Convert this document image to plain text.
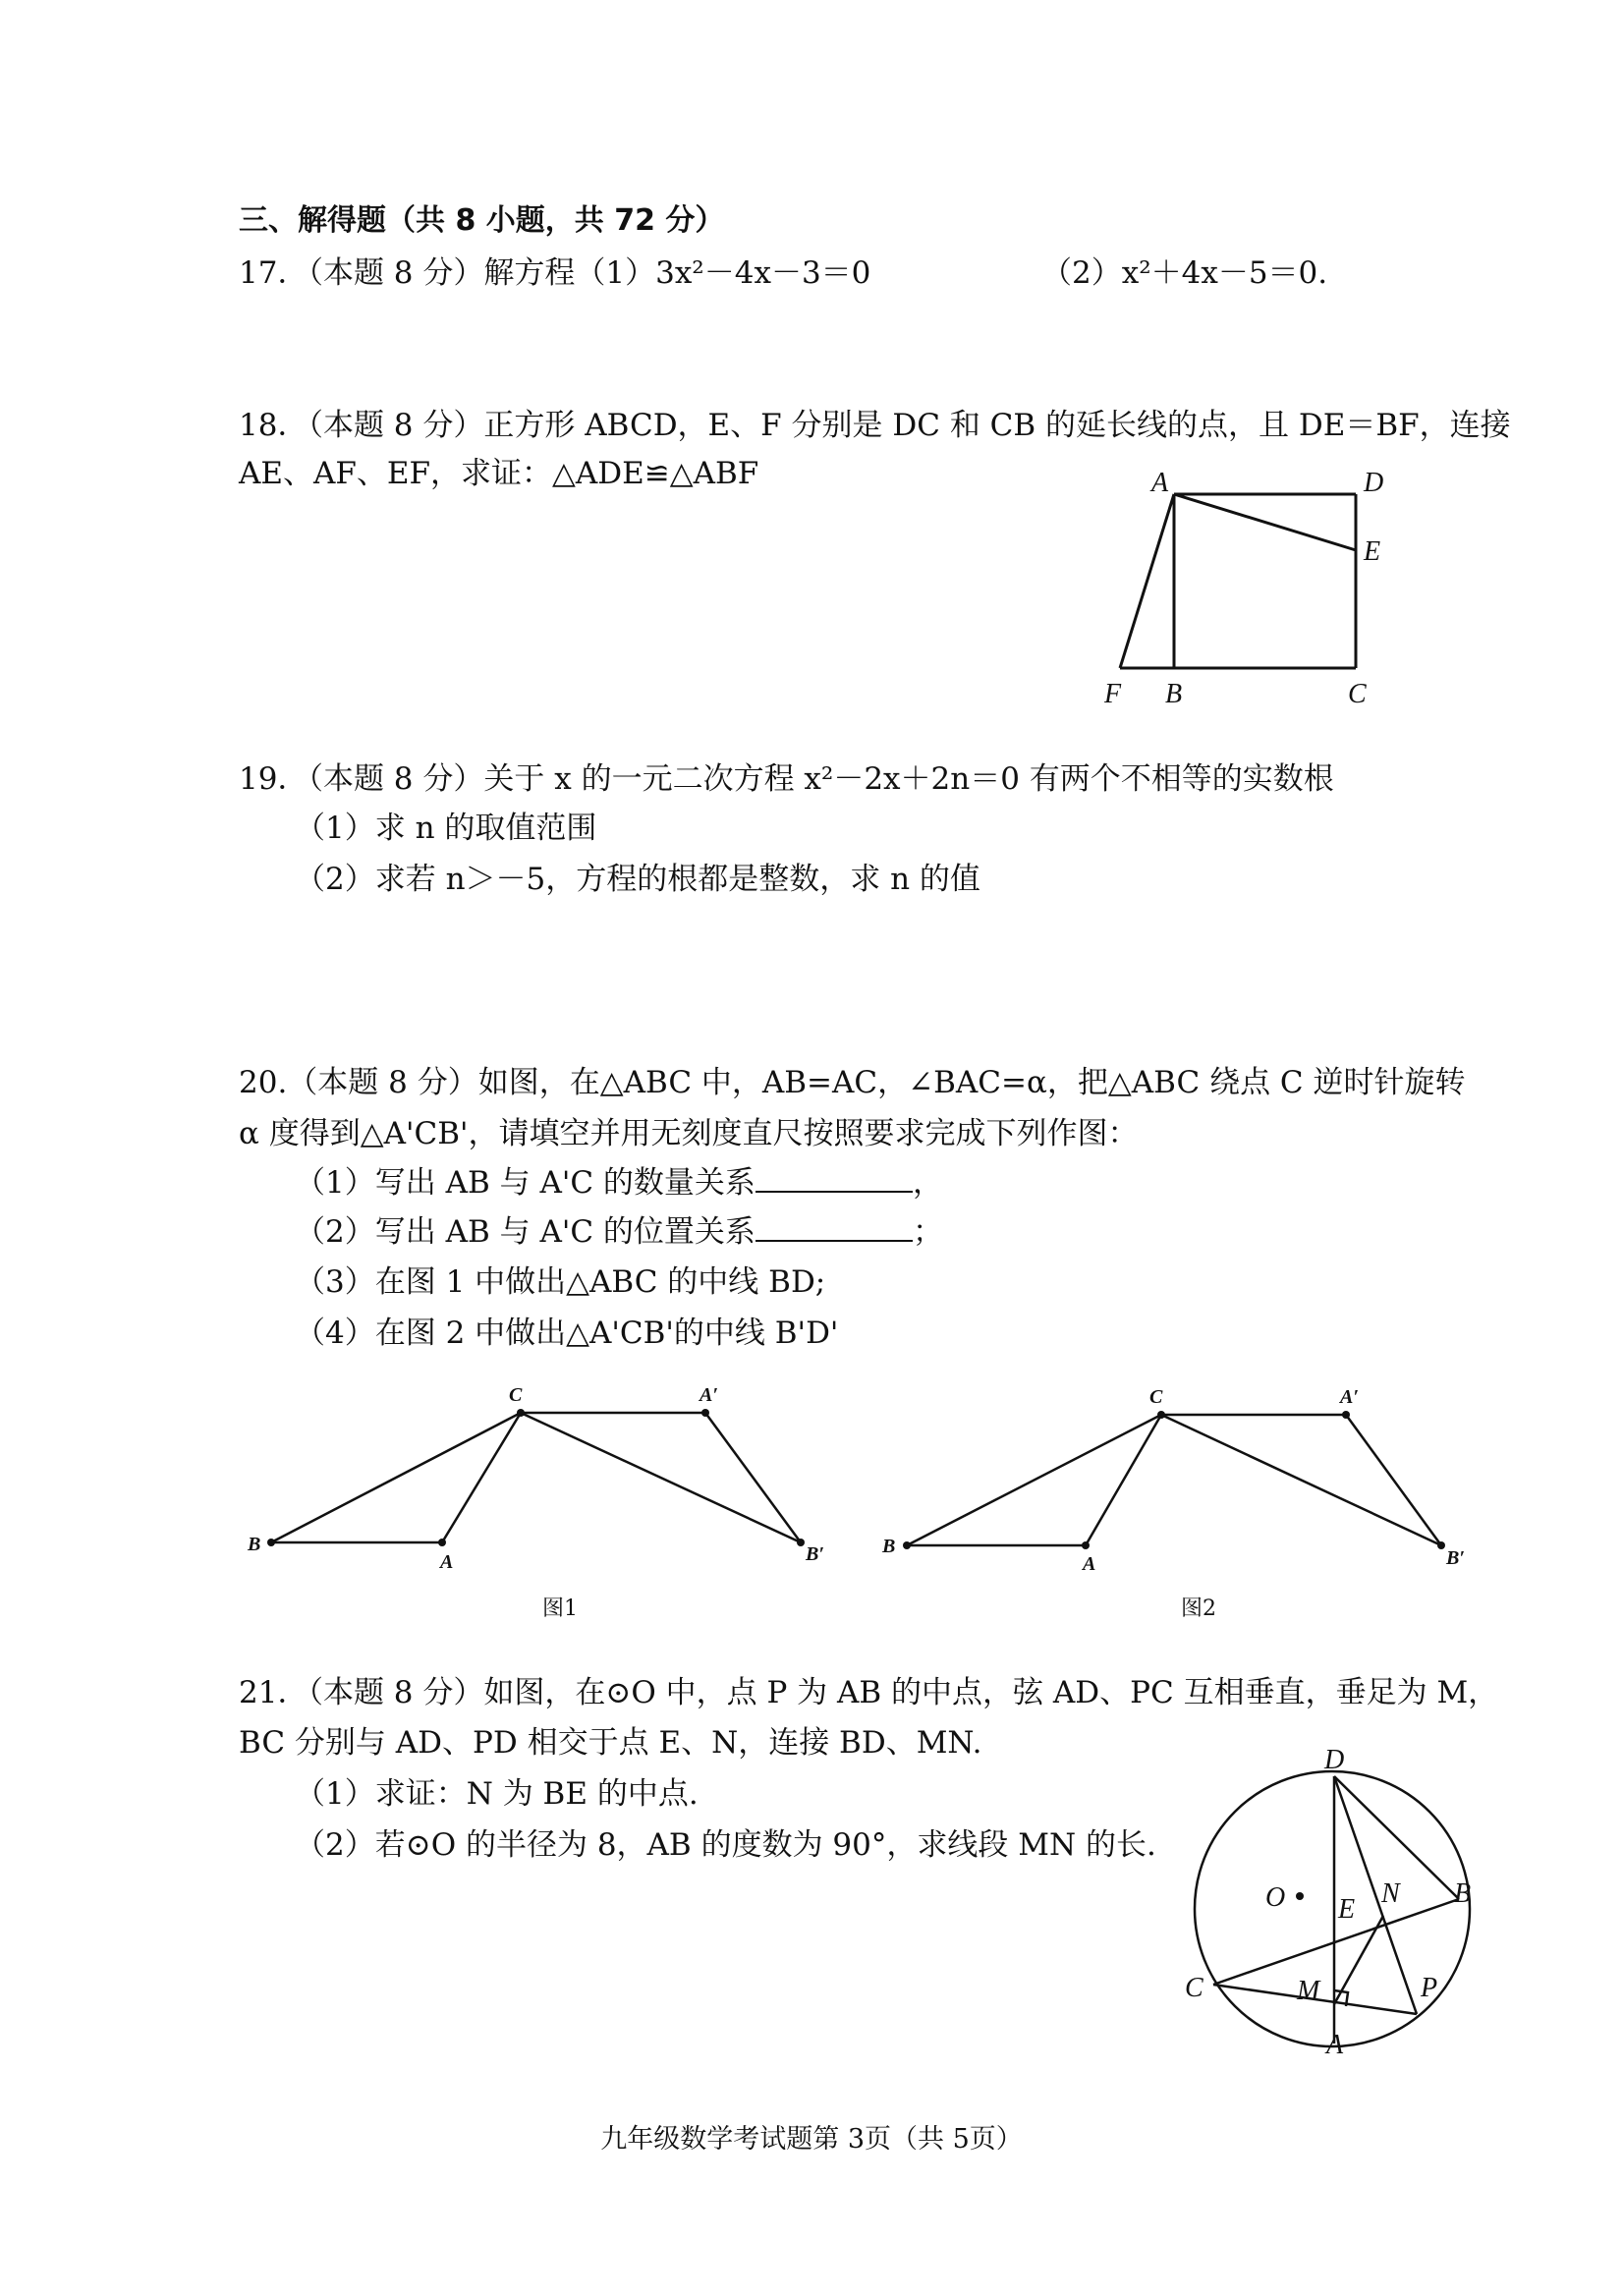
三、解得题（共 8 小题，共 72 分）
17．（本题 8 分）解方程（1）3x²－4x－3＝0	（2）x²＋4x－5＝0.
18．（本题 8 分）正方形 ABCD，E、F 分别是 DC 和 CB 的延长线的点，且 DE＝BF，连接
AE、AF、EF，求证：△ADE≌△ABF	A	D
E
F B	C
19．（本题 8 分）关于 x 的一元二次方程 x²－2x＋2n＝0 有两个不相等的实数根
（1）求 n 的取值范围
（2）求若 n＞－5，方程的根都是整数，求 n 的值
20.（本题 8 分）如图，在△ABC 中，AB=AC，∠BAC=α，把△ABC 绕点 C 逆时针旋转
α 度得到△A'CB'，请填空并用无刻度直尺按照要求完成下列作图：
（1）写出 AB 与 A'C 的数量关系	，
（2）写出 AB 与 A'C 的位置关系	；
（3）在图 1 中做出△ABC 的中线 BD;
（4）在图 2 中做出△A'CB'的中线 B'D'
C	A′
B
A	B′
图1
C	A′
B
A	B′
图2
21．（本题 8 分）如图，在⊙O 中，点 P 为 AB 的中点，弦 AD、PC 互相垂直，垂足为 M，
BC 分别与 AD、PD 相交于点 E、N，连接 BD、MN.
（1）求证：N 为 BE 的中点.
（2）若⊙O 的半径为 8，AB 的度数为 90°，求线段 MN 的长.
D
O E
N B
C	M	P
A
九年级数学考试题第 3页（共 5页）
